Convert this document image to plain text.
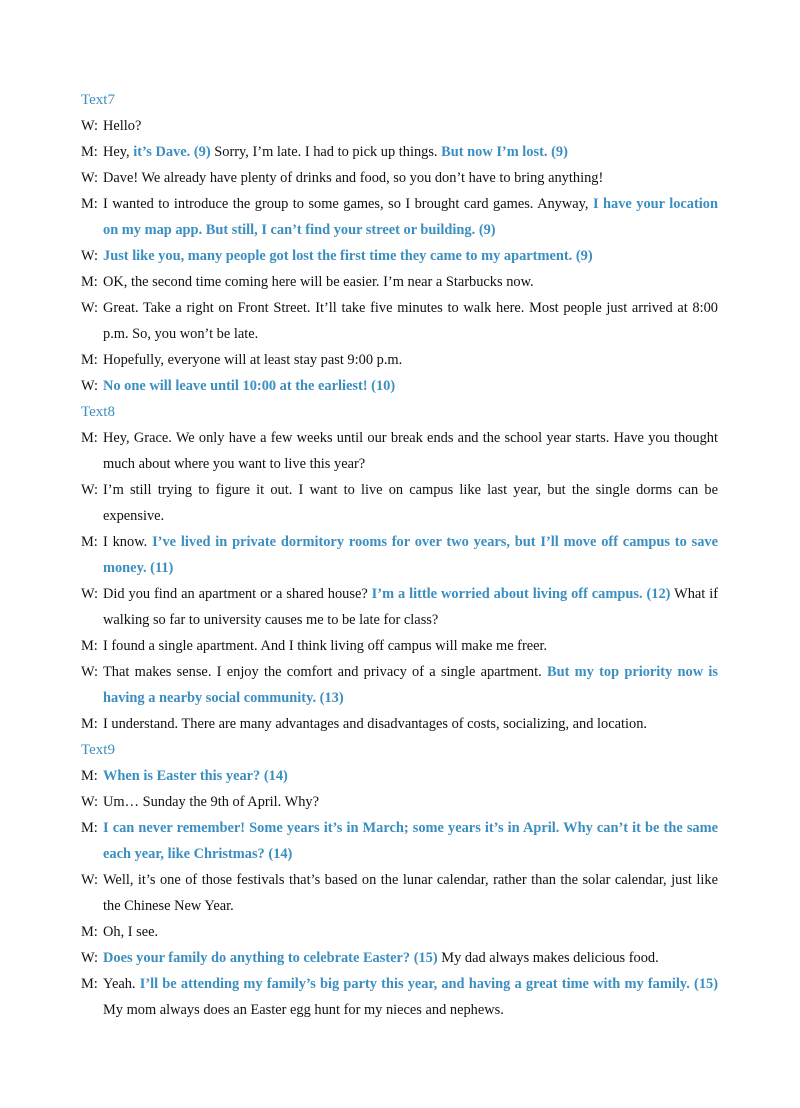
Text7
W: Hello?
M: Hey, it’s Dave. (9) Sorry, I’m late. I had to pick up things. But now I’m lost. (9)
W: Dave! We already have plenty of drinks and food, so you don’t have to bring anything!
M: I wanted to introduce the group to some games, so I brought card games. Anyway, I have your location on my map app. But still, I can’t find your street or building. (9)
W: Just like you, many people got lost the first time they came to my apartment. (9)
M: OK, the second time coming here will be easier. I’m near a Starbucks now.
W: Great. Take a right on Front Street. It’ll take five minutes to walk here. Most people just arrived at 8:00 p.m. So, you won’t be late.
M: Hopefully, everyone will at least stay past 9:00 p.m.
W: No one will leave until 10:00 at the earliest! (10)
Text8
M: Hey, Grace. We only have a few weeks until our break ends and the school year starts. Have you thought much about where you want to live this year?
W: I’m still trying to figure it out. I want to live on campus like last year, but the single dorms can be expensive.
M: I know. I’ve lived in private dormitory rooms for over two years, but I’ll move off campus to save money. (11)
W: Did you find an apartment or a shared house? I’m a little worried about living off campus. (12) What if walking so far to university causes me to be late for class?
M: I found a single apartment. And I think living off campus will make me freer.
W: That makes sense. I enjoy the comfort and privacy of a single apartment. But my top priority now is having a nearby social community. (13)
M: I understand. There are many advantages and disadvantages of costs, socializing, and location.
Text9
M: When is Easter this year? (14)
W: Um… Sunday the 9th of April. Why?
M: I can never remember! Some years it’s in March; some years it’s in April. Why can’t it be the same each year, like Christmas? (14)
W: Well, it’s one of those festivals that’s based on the lunar calendar, rather than the solar calendar, just like the Chinese New Year.
M: Oh, I see.
W: Does your family do anything to celebrate Easter? (15) My dad always makes delicious food.
M: Yeah. I’ll be attending my family’s big party this year, and having a great time with my family. (15) My mom always does an Easter egg hunt for my nieces and nephews.
